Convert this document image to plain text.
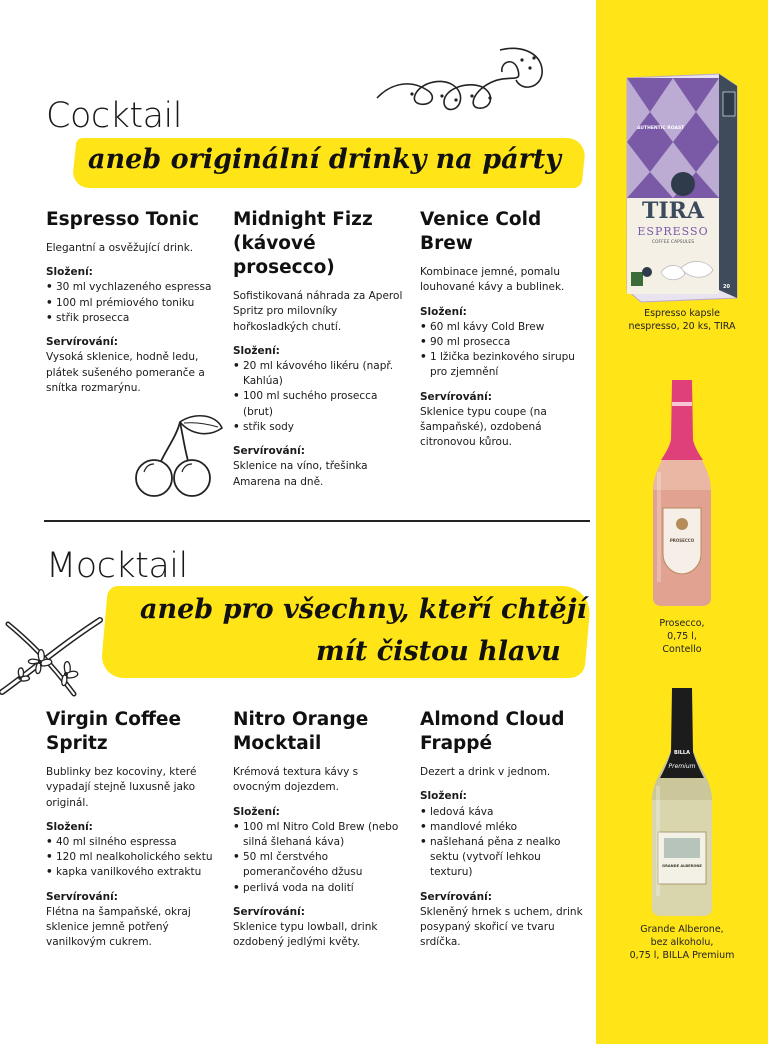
Cocktail
aneb originální drinky na párty
Espresso Tonic
Elegantní a osvěžující drink.
Složení:
• 30 ml vychlazeného espressa
• 100 ml prémiového toniku
• střik prosecca
Servírování:
Vysoká sklenice, hodně ledu, plátek sušeného pomeranče a snítka rozmarýnu.
Midnight Fizz (kávové prosecco)
Sofistikovaná náhrada za Aperol Spritz pro milovníky hořkosladkých chutí.
Složení:
• 20 ml kávového likéru (např. Kahlúa)
• 100 ml suchého prosecca (brut)
• střik sody
Servírování:
Sklenice na víno, třešinka Amarena na dně.
Venice Cold Brew
Kombinace jemné, pomalu louhované kávy a bublinek.
Složení:
• 60 ml kávy Cold Brew
• 90 ml prosecca
• 1 lžička bezinkového sirupu pro zjemnění
Servírování:
Sklenice typu coupe (na šampaňské), ozdobená citronovou kůrou.
Mocktail
aneb pro všechny, kteří chtějí
mít čistou hlavu
Virgin Coffee Spritz
Bublinky bez kocoviny, které vypadají stejně luxusně jako originál.
Složení:
• 40 ml silného espressa
• 120 ml nealkoholického sektu
• kapka vanilkového extraktu
Servírování:
Flétna na šampaňské, okraj sklenice jemně potřený vanilkovým cukrem.
Nitro Orange Mocktail
Krémová textura kávy s ovocným dojezdem.
Složení:
• 100 ml Nitro Cold Brew (nebo silná šlehaná káva)
• 50 ml čerstvého pomerančového džusu
• perlivá voda na dolití
Servírování:
Sklenice typu lowball, drink ozdobený jedlými květy.
Almond Cloud Frappé
Dezert a drink v jednom.
Složení:
• ledová káva
• mandlové mléko
• našlehaná pěna z nealko sektu (vytvoří lehkou texturu)
Servírování:
Skleněný hrnek s uchem, drink posypaný skořicí ve tvaru srdíčka.
AUTHENTIC ROAST
TIRA
ESPRESSO
COFFEE CAPSULES
20
Espresso kapsle
nespresso, 20 ks, TIRA
PROSECCO
Prosecco,
0,75 l,
Contello
Premium
BILLA
GRANDE ALBERONE
Grande Alberone,
bez alkoholu,
0,75 l, BILLA Premium
